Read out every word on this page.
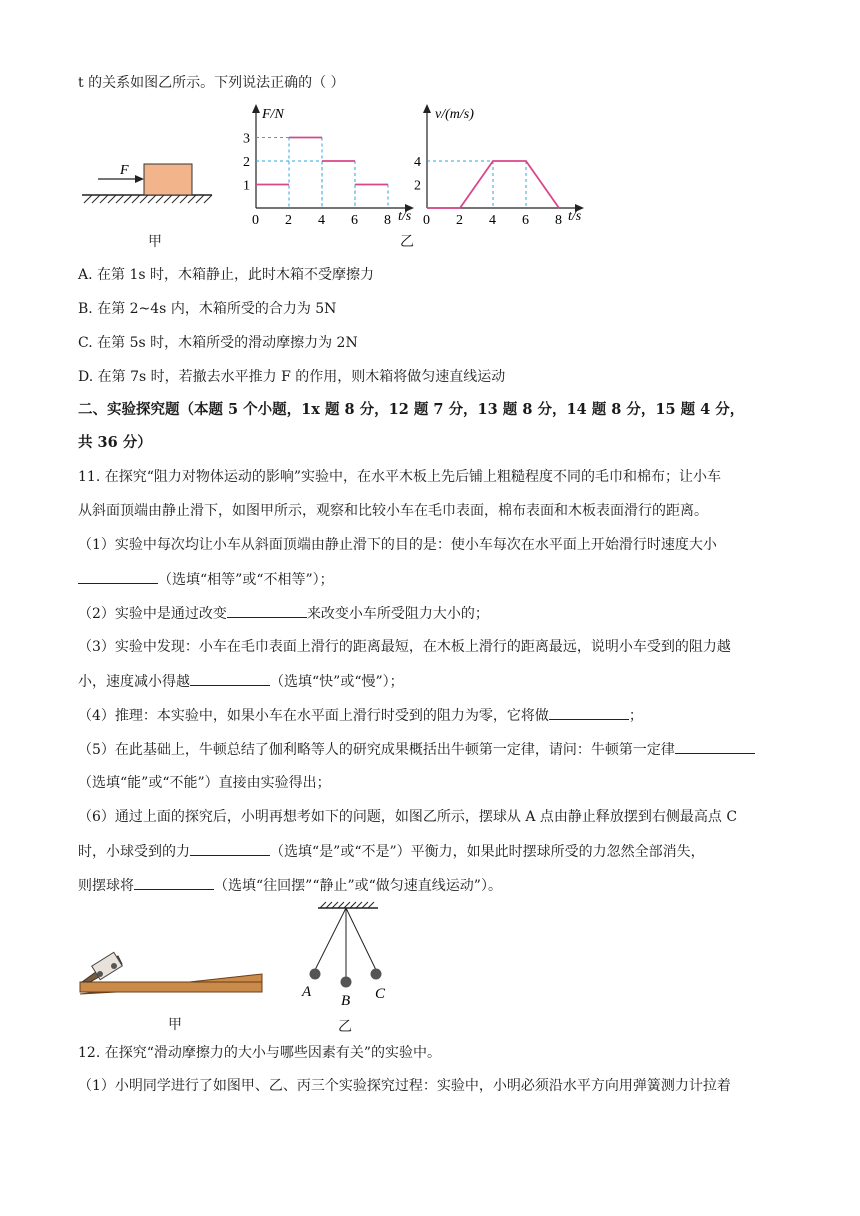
t 的关系如图乙所示。下列说法正确的（ ）
F
1
2
3
0 2 4 6 8
F/N
t/s
2
4
0 2 4 6 8
v/(m/s)
t/s
甲	乙
A. 在第 1s 时，木箱静止，此时木箱不受摩擦力
B. 在第 2~4s 内，木箱所受的合力为 5N
C. 在第 5s 时，木箱所受的滑动摩擦力为 2N
D. 在第 7s 时，若撤去水平推力 F 的作用，则木箱将做匀速直线运动
二、实验探究题（本题 5 个小题，1x 题 8 分，12 题 7 分，13 题 8 分，14 题 8 分，15 题 4 分，
共 36 分）
11. 在探究“阻力对物体运动的影响”实验中，在水平木板上先后铺上粗糙程度不同的毛巾和棉布；让小车
从斜面顶端由静止滑下，如图甲所示，观察和比较小车在毛巾表面，棉布表面和木板表面滑行的距离。
（1）实验中每次均让小车从斜面顶端由静止滑下的目的是：使小车每次在水平面上开始滑行时速度大小
（选填“相等”或“不相等”）；
（2）实验中是通过改变	来改变小车所受阻力大小的；
（3）实验中发现：小车在毛巾表面上滑行的距离最短，在木板上滑行的距离最远，说明小车受到的阻力越
小，速度减小得越	（选填“快”或“慢”）；
（4）推理：本实验中，如果小车在水平面上滑行时受到的阻力为零，它将做	；
（5）在此基础上，牛顿总结了伽利略等人的研究成果概括出牛顿第一定律，请问：牛顿第一定律
（选填“能”或“不能”）直接由实验得出；
（6）通过上面的探究后，小明再想考如下的问题，如图乙所示，摆球从 A 点由静止释放摆到右侧最高点 C
时，小球受到的力	（选填“是”或“不是”）平衡力，如果此时摆球所受的力忽然全部消失，
则摆球将	（选填“往回摆”“静止”或“做匀速直线运动”）。
A
B C
甲	乙
12. 在探究“滑动摩擦力的大小与哪些因素有关”的实验中。
（1）小明同学进行了如图甲、乙、丙三个实验探究过程：实验中，小明必须沿水平方向用弹簧测力计拉着
